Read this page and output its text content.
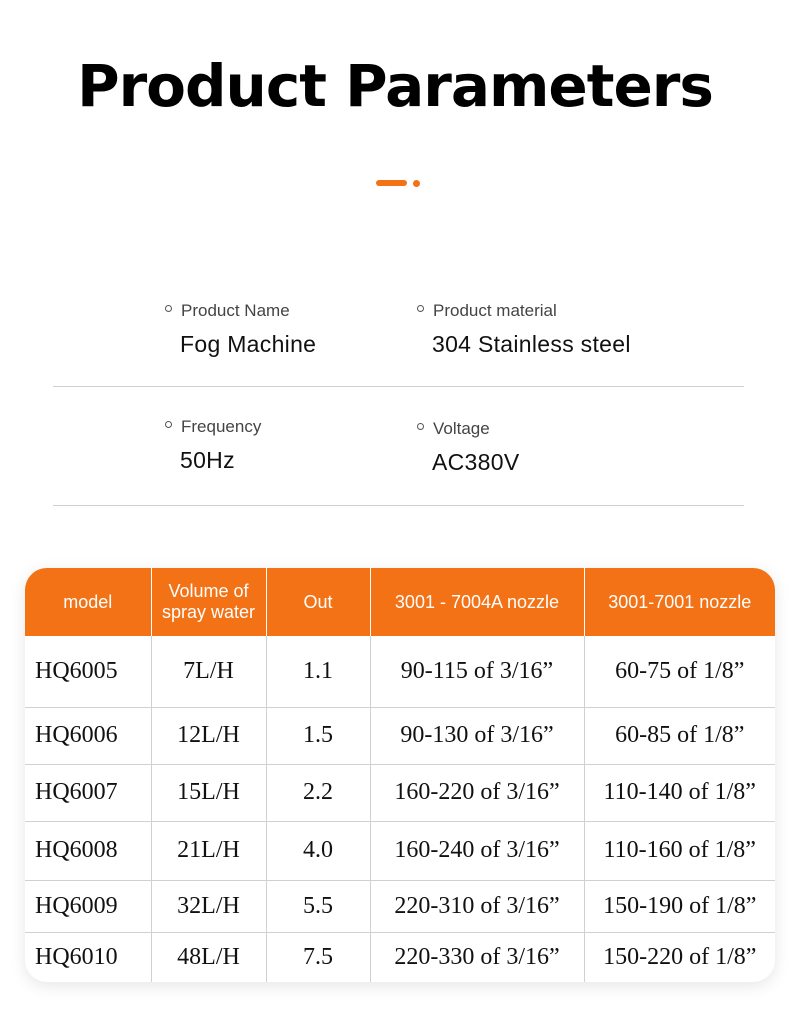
Product Parameters
Product Name
Fog Machine
Product material
304 Stainless steel
Frequency
50Hz
Voltage
AC380V
model	Volume of spray water	Out	3001 - 7004A nozzle	3001-7001 nozzle
HQ6005	7L/H	1.1	90-115 of 3/16”	60-75 of 1/8”
HQ6006	12L/H	1.5	90-130 of 3/16”	60-85 of 1/8”
HQ6007	15L/H	2.2	160-220 of 3/16”	110-140 of 1/8”
HQ6008	21L/H	4.0	160-240 of 3/16”	110-160 of 1/8”
HQ6009	32L/H	5.5	220-310 of 3/16”	150-190 of 1/8”
HQ6010	48L/H	7.5	220-330 of 3/16”	150-220 of 1/8”
